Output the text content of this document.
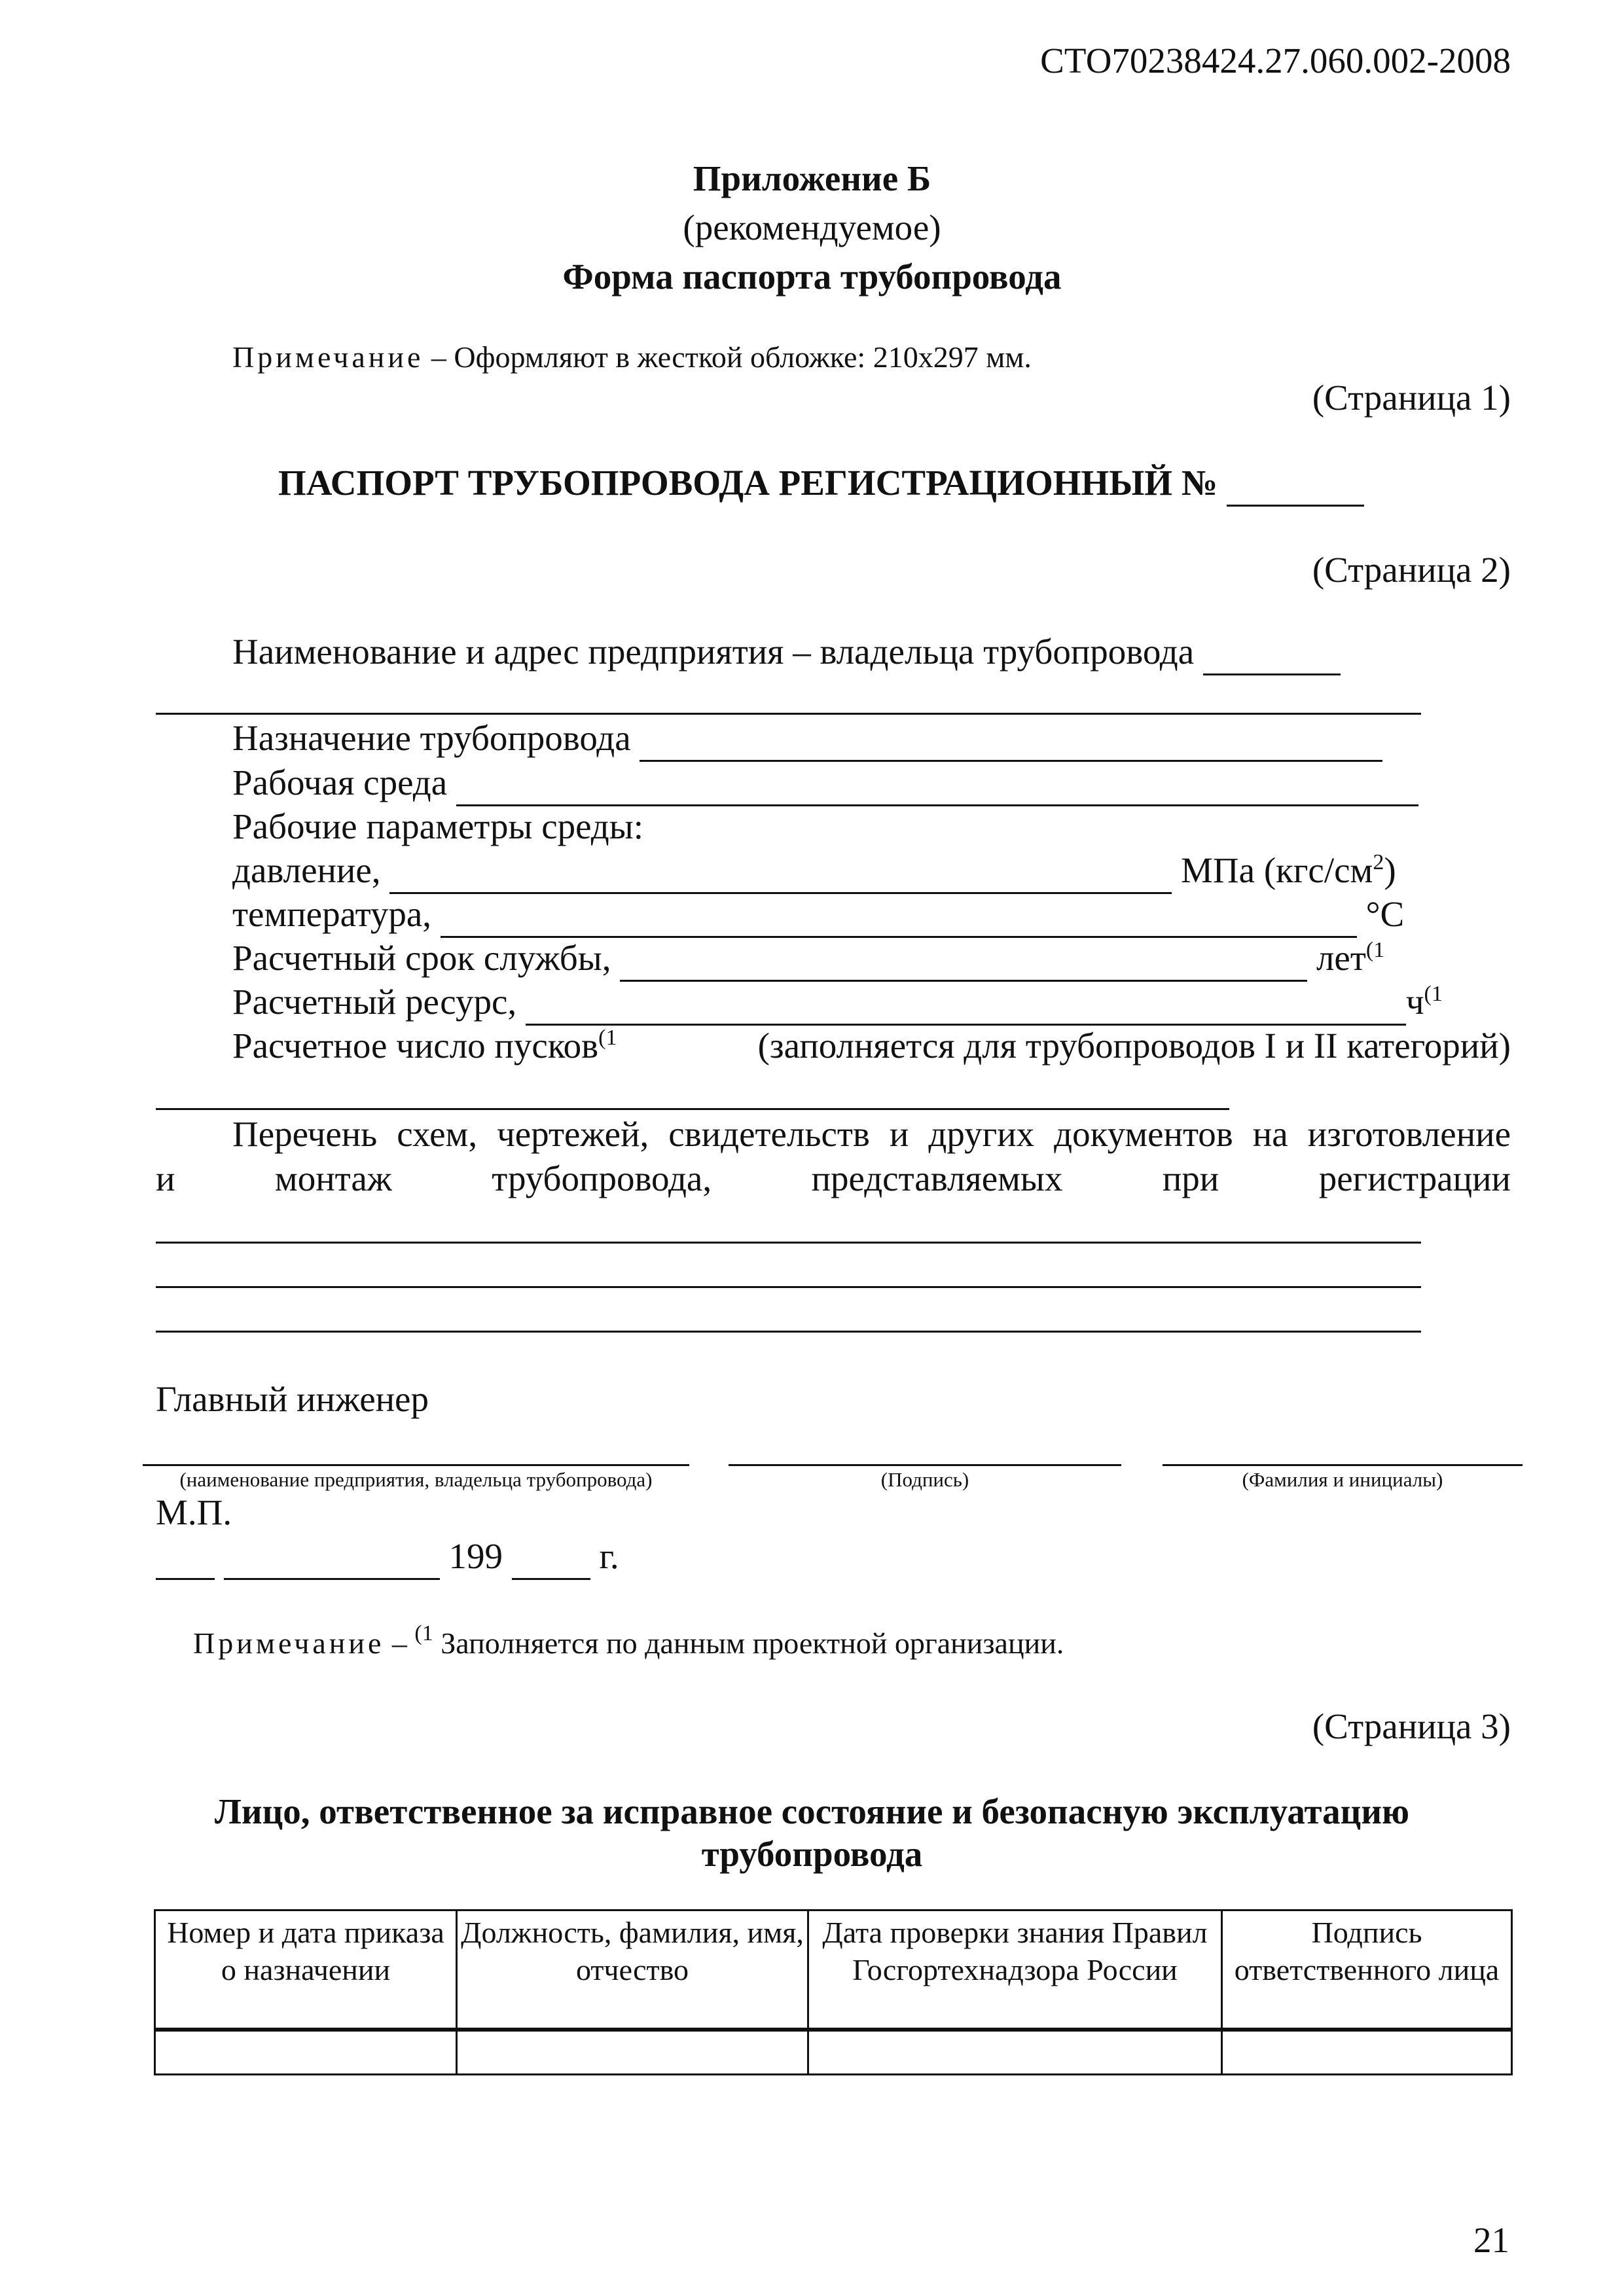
СТО70238424.27.060.002-2008
Приложение Б
(рекомендуемое)
Форма паспорта трубопровода
Примечание – Оформляют в жесткой обложке: 210х297 мм.
(Страница 1)
ПАСПОРТ ТРУБОПРОВОДА РЕГИСТРАЦИОННЫЙ №
(Страница 2)
Наименование и адрес предприятия – владельца трубопровода
Назначение трубопровода
Рабочая среда
Рабочие параметры среды:
давление,	МПа $(кгс/см^2)$
температура,	°С
Расчетный срок службы,	лет$^{(1}$
Расчетный ресурс,	$ч^{(1}$
Расчетное число пусков$^{(1}$	(заполняется для трубопроводов I и II категорий)
Перечень схем, чертежей, свидетельств и других документов на изготовление
и	монтаж	трубопровода,	представляемых	при	регистрации
Главный инженер
(наименование предприятия, владельца трубопровода)	(Подпись)	(Фамилия и инициалы)
М.П.
199	г.
Примечание – $^{(1}$ Заполняется по данным проектной организации.
(Страница 3)
Лицо, ответственное за исправное состояние и безопасную эксплуатацию
трубопровода
Номер и дата приказа о назначении	Должность, фамилия, имя, отчество	Дата проверки знания Правил Госгортехнадзора России	Подпись ответственного лица

21
